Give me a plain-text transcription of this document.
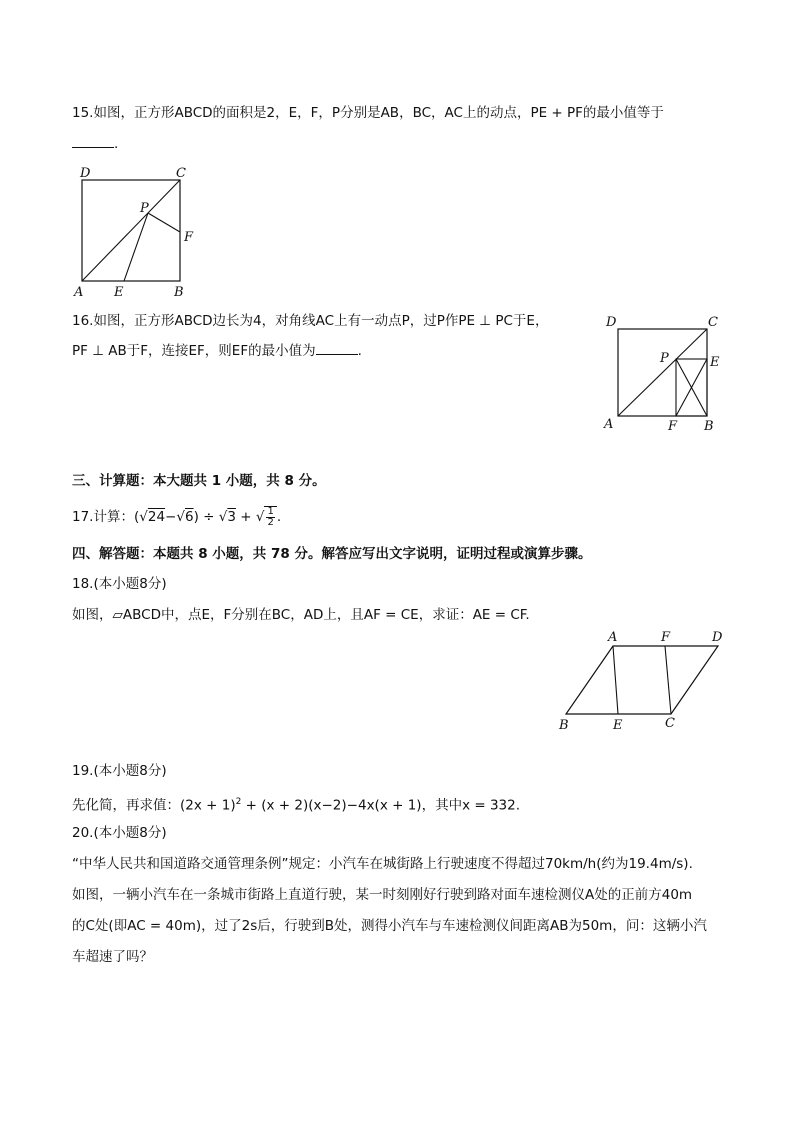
15.如图，正方形ABCD的面积是2，E，F，P分别是AB，BC，AC上的动点，PE + PF的最小值等于
.
D	C
P
F
A E	B
16.如图，正方形ABCD边长为4，对角线AC上有一动点P，过P作PE ⊥ PC于E，
PF ⊥ AB于F，连接EF，则EF的最小值为	.
D	C
P	E
A	F B
三、计算题：本大题共 1 小题，共 8 分。
17.计算：(√24−√6) ÷ √3 + √ 1
2 .
四、解答题：本题共 8 小题，共 78 分。解答应写出文字说明，证明过程或演算步骤。
18.(本小题8分)
如图，▱ABCD中，点E，F分别在BC，AD上，且AF = CE，求证：AE = CF.
A	F	D
B	E	C
19.(本小题8分)
先化简，再求值：$(2x + 1)^2 + (x + 2)(x-2)-4x(x + 1)$，其中x = 332.
20.(本小题8分)
“中华人民共和国道路交通管理条例”规定：小汽车在城街路上行驶速度不得超过70km/h(约为19.4m/s).
如图，一辆小汽车在一条城市街路上直道行驶，某一时刻刚好行驶到路对面车速检测仪A处的正前方40m
的C处(即AC = 40m)，过了2s后，行驶到B处，测得小汽车与车速检测仪间距离AB为50m，问：这辆小汽
车超速了吗？
